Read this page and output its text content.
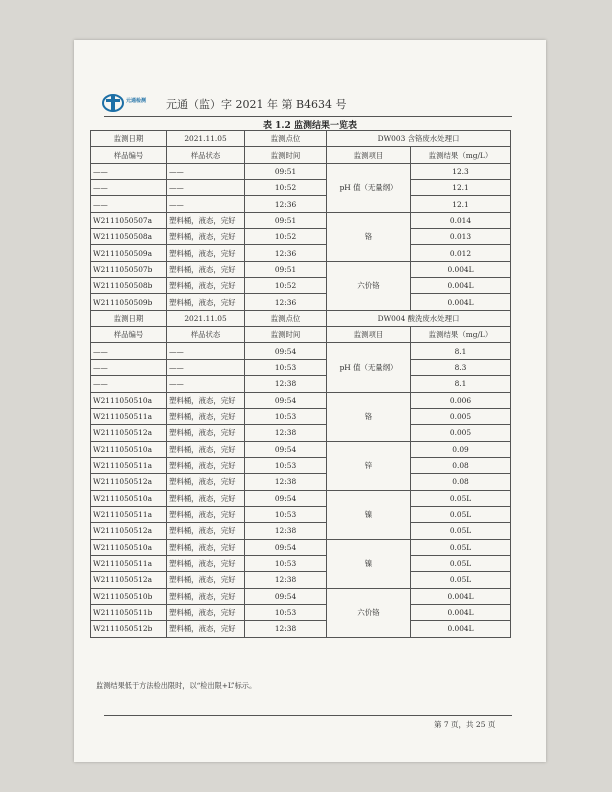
元通检测 元通（监）字 2021 年 第 B4634 号
表 1.2 监测结果一览表
监测日期	2021.11.05	监测点位	DW003 含铬废水处理口	
样品编号	样品状态	监测时间	监测项目	监测结果（mg/L）
——	——	09:51	pH 值（无量纲）	12.3
——	——	10:52		12.1
——	——	12:36		12.1
W2111050507a	塑料桶，液态，完好	09:51	铬	0.014
W2111050508a	塑料桶，液态，完好	10:52		0.013
W2111050509a	塑料桶，液态，完好	12:36		0.012
W2111050507b	塑料桶，液态，完好	09:51	六价铬	0.004L
W2111050508b	塑料桶，液态，完好	10:52		0.004L
W2111050509b	塑料桶，液态，完好	12:36		0.004L
监测日期	2021.11.05	监测点位	DW004 酸洗废水处理口	
样品编号	样品状态	监测时间	监测项目	监测结果（mg/L）
——	——	09:54	pH 值（无量纲）	8.1
——	——	10:53		8.3
——	——	12:38		8.1
W2111050510a	塑料桶，液态，完好	09:54	铬	0.006
W2111050511a	塑料桶，液态，完好	10:53		0.005
W2111050512a	塑料桶，液态，完好	12:38		0.005
W2111050510a	塑料桶，液态，完好	09:54	锌	0.09
W2111050511a	塑料桶，液态，完好	10:53		0.08
W2111050512a	塑料桶，液态，完好	12:38		0.08
W2111050510a	塑料桶，液态，完好	09:54	镍	0.05L
W2111050511a	塑料桶，液态，完好	10:53		0.05L
W2111050512a	塑料桶，液态，完好	12:38		0.05L
W2111050510a	塑料桶，液态，完好	09:54	镍	0.05L
W2111050511a	塑料桶，液态，完好	10:53		0.05L
W2111050512a	塑料桶，液态，完好	12:38		0.05L
W2111050510b	塑料桶，液态，完好	09:54	六价铬	0.004L
W2111050511b	塑料桶，液态，完好	10:53		0.004L
W2111050512b	塑料桶，液态，完好	12:38		0.004L
监测结果低于方法检出限时，以“检出限+L”标示。
第 7 页，共 25 页
